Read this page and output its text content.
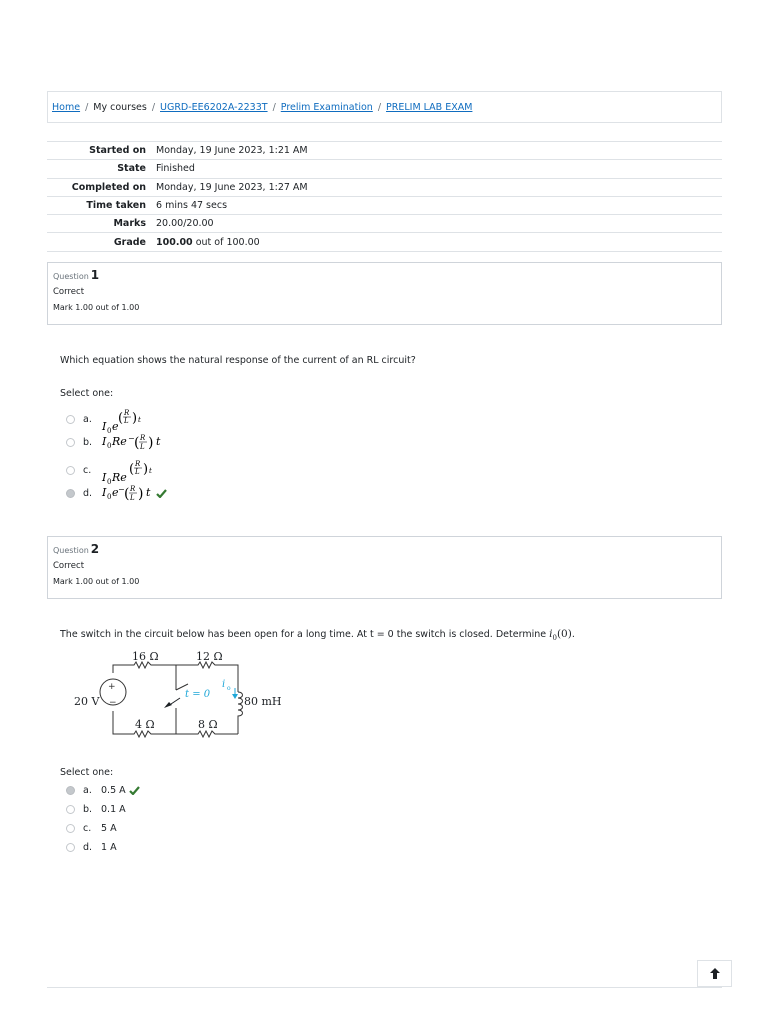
Home / My courses / UGRD-EE6202A-2233T / Prelim Examination / PRELIM LAB EXAM
Started on	Monday, 19 June 2023, 1:21 AM
State	Finished
Completed on	Monday, 19 June 2023, 1:27 AM
Time taken	6 mins 47 secs
Marks	20.00/20.00
Grade	100.00 out of 100.00
Question 1
Correct
Mark 1.00 out of 1.00
Which equation shows the natural response of the current of an RL circuit?
Select one:
a.
I 0 e
( R
L ) t
b. I 0 Re − ( R
L ) t
c.
I 0 Re
( R
L ) t
d. I 0 e − ( R
L ) t
Question 2
Correct
Mark 1.00 out of 1.00
The switch in the circuit below has been open for a long time. At t = 0 the switch is closed. Determine $i_0(0)$.
+
−
16 Ω	12 Ω
4 Ω	8 Ω
20 V	80 mH
t = 0
i o
Select one:
a. 0.5 A
b. 0.1 A
c.	5 A
d. 1 A
